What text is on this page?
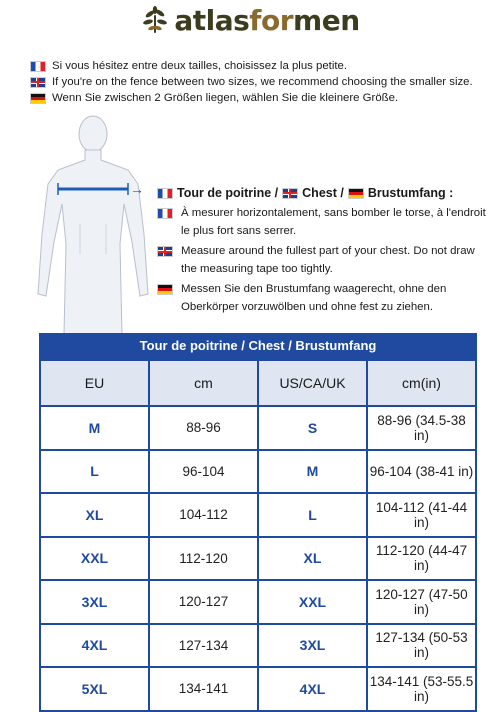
atlasformen
Si vous hésitez entre deux tailles, choisissez la plus petite.
If you're on the fence between two sizes, we recommend choosing the smaller size.
Wenn Sie zwischen 2 Größen liegen, wählen Sie die kleinere Größe.
→	Tour de poitrine / Chest / Brustumfang :
À mesurer horizontalement, sans bomber le torse, à l'endroit le plus fort sans serrer.
Measure around the fullest part of your chest. Do not draw the measuring tape too tightly.
Messen Sie den Brustumfang waagerecht, ohne den Oberkörper vorzuwölben und ohne fest zu ziehen.
Tour de poitrine / Chest / Brustumfang
EU	cm	US/CA/UK	cm(in)
M	88-96	S	88-96 (34.5-38 in)
L	96-104	M	96-104 (38-41 in)
XL	104-112	L	104-112 (41-44 in)
XXL	112-120	XL	112-120 (44-47 in)
3XL	120-127	XXL	120-127 (47-50 in)
4XL	127-134	3XL	127-134 (50-53 in)
5XL	134-141	4XL	134-141 (53-55.5 in)
